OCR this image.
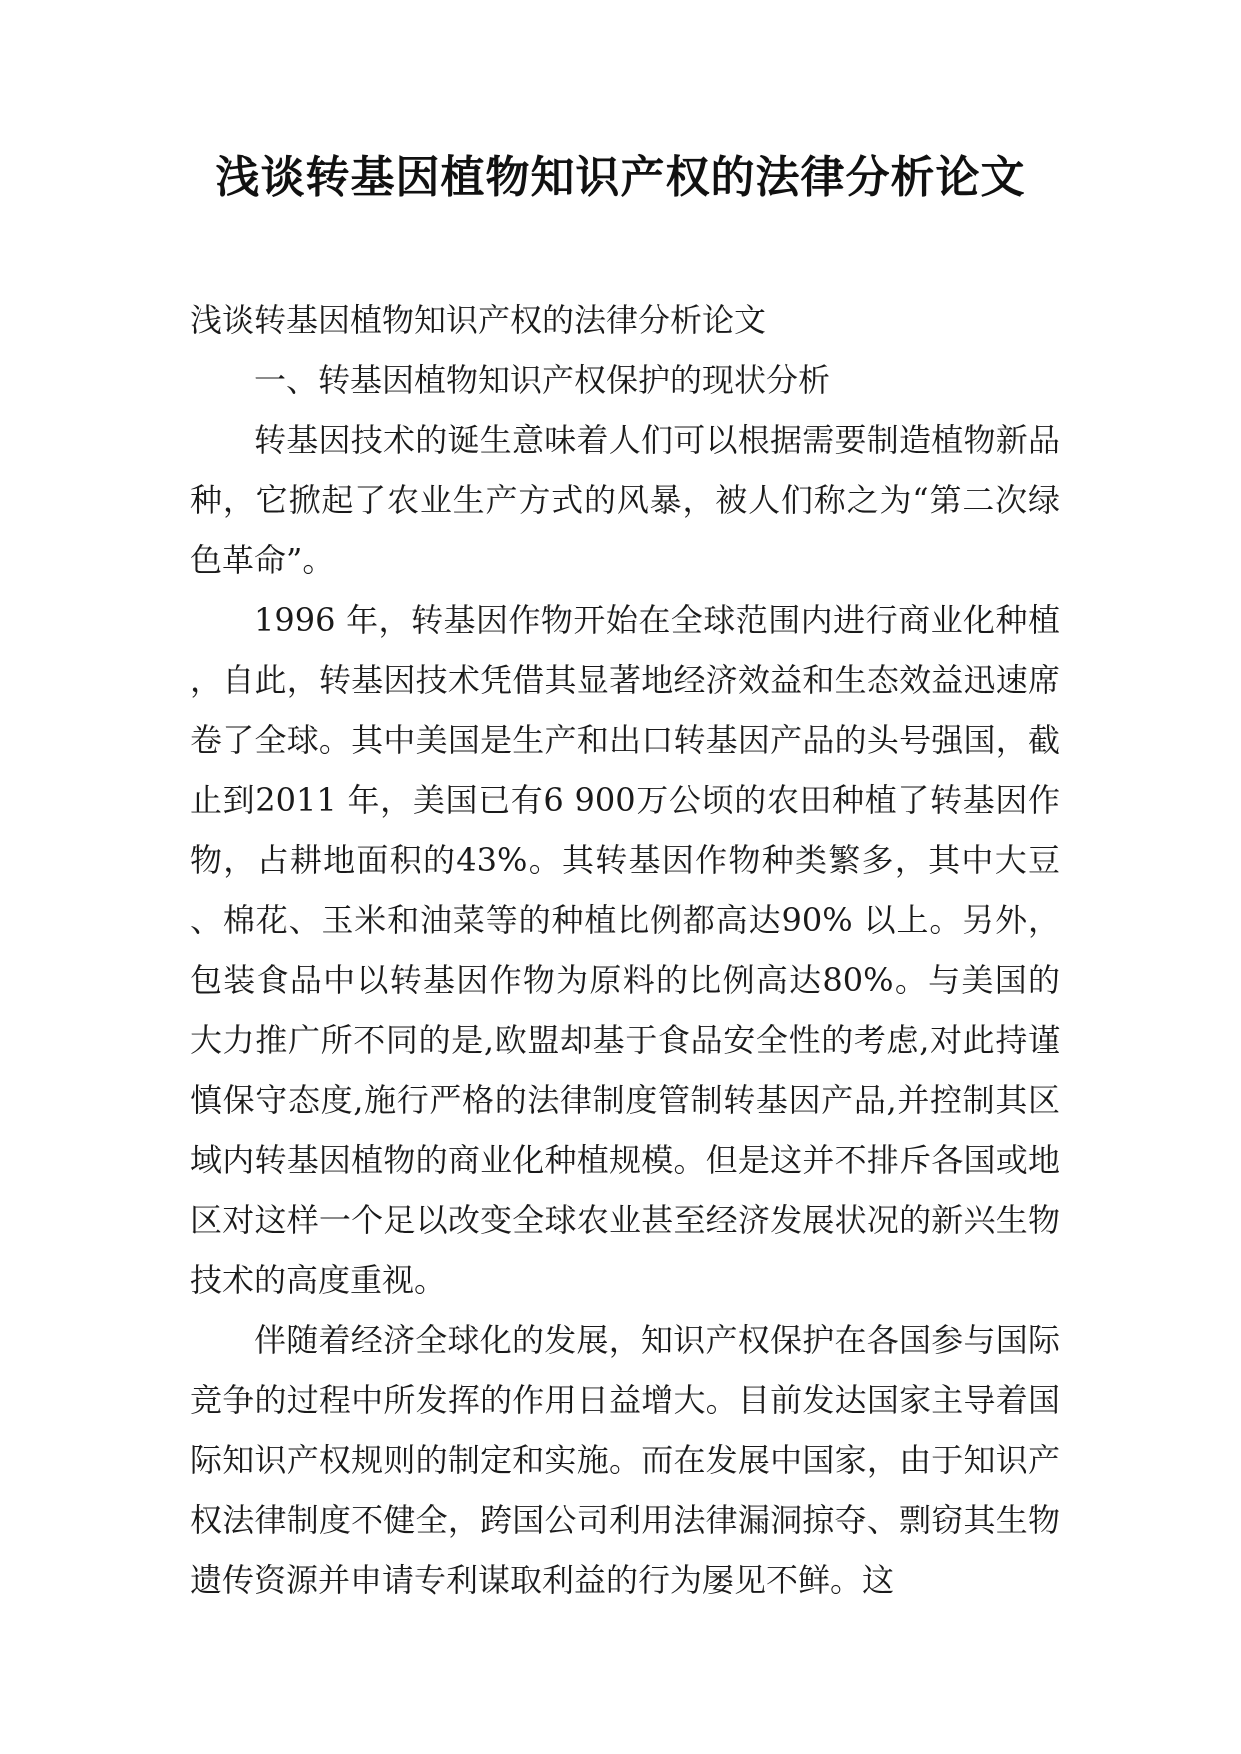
浅谈转基因植物知识产权的法律分析论文

浅谈转基因植物知识产权的法律分析论文

一、转基因植物知识产权保护的现状分析

转基因技术的诞生意味着人们可以根据需要制造植物新品种，它掀起了农业生产方式的风暴，被人们称之为“第二次绿色革命”。

1996 年，转基因作物开始在全球范围内进行商业化种植，自此，转基因技术凭借其显著地经济效益和生态效益迅速席卷了全球。其中美国是生产和出口转基因产品的头号强国，截止到2011 年，美国已有6 900万公顷的农田种植了转基因作物，占耕地面积的43%。其转基因作物种类繁多，其中大豆、棉花、玉米和油菜等的种植比例都高达90% 以上。另外，包装食品中以转基因作物为原料的比例高达80%。与美国的大力推广所不同的是,欧盟却基于食品安全性的考虑,对此持谨慎保守态度,施行严格的法律制度管制转基因产品,并控制其区域内转基因植物的商业化种植规模。但是这并不排斥各国或地区对这样一个足以改变全球农业甚至经济发展状况的新兴生物技术的高度重视。

伴随着经济全球化的发展，知识产权保护在各国参与国际竞争的过程中所发挥的作用日益增大。目前发达国家主导着国际知识产权规则的制定和实施。而在发展中国家，由于知识产权法律制度不健全，跨国公司利用法律漏洞掠夺、剽窃其生物遗传资源并申请专利谋取利益的行为屡见不鲜。这
